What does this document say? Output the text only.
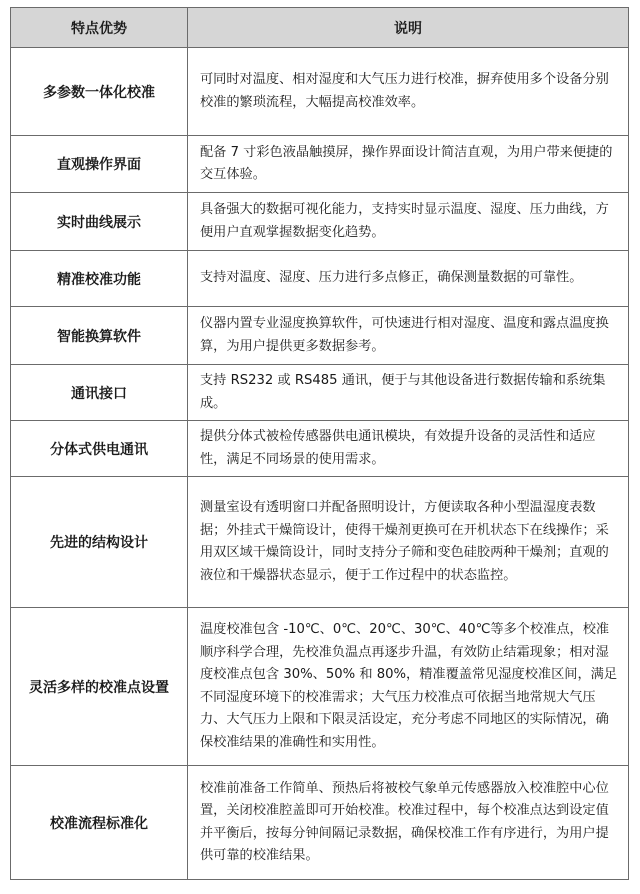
特点优势	说明
多参数一体化校准	可同时对温度、相对湿度和大气压力进行校准，摒弃使用多个设备分别校准的繁琐流程，大幅提高校准效率。
直观操作界面	配备 7 寸彩色液晶触摸屏，操作界面设计简洁直观，为用户带来便捷的交互体验。
实时曲线展示	具备强大的数据可视化能力，支持实时显示温度、湿度、压力曲线，方便用户直观掌握数据变化趋势。
精准校准功能	支持对温度、湿度、压力进行多点修正，确保测量数据的可靠性。
智能换算软件	仪器内置专业湿度换算软件，可快速进行相对湿度、温度和露点温度换算，为用户提供更多数据参考。
通讯接口	支持 RS232 或 RS485 通讯，便于与其他设备进行数据传输和系统集成。
分体式供电通讯	提供分体式被检传感器供电通讯模块，有效提升设备的灵活性和适应性，满足不同场景的使用需求。
先进的结构设计	测量室设有透明窗口并配备照明设计，方便读取各种小型温湿度表数据；外挂式干燥筒设计，使得干燥剂更换可在开机状态下在线操作；采用双区域干燥筒设计，同时支持分子筛和变色硅胶两种干燥剂；直观的液位和干燥器状态显示，便于工作过程中的状态监控。
灵活多样的校准点设置	温度校准包含 -10℃、0℃、20℃、30℃、40℃等多个校准点，校准顺序科学合理，先校准负温点再逐步升温，有效防止结霜现象；相对湿度校准点包含 30%、50% 和 80%，精准覆盖常见湿度校准区间，满足不同湿度环境下的校准需求；大气压力校准点可依据当地常规大气压力、大气压力上限和下限灵活设定，充分考虑不同地区的实际情况，确保校准结果的准确性和实用性。
校准流程标准化	校准前准备工作简单、预热后将被校气象单元传感器放入校准腔中心位置，关闭校准腔盖即可开始校准。校准过程中，每个校准点达到设定值并平衡后，按每分钟间隔记录数据，确保校准工作有序进行，为用户提供可靠的校准结果。
